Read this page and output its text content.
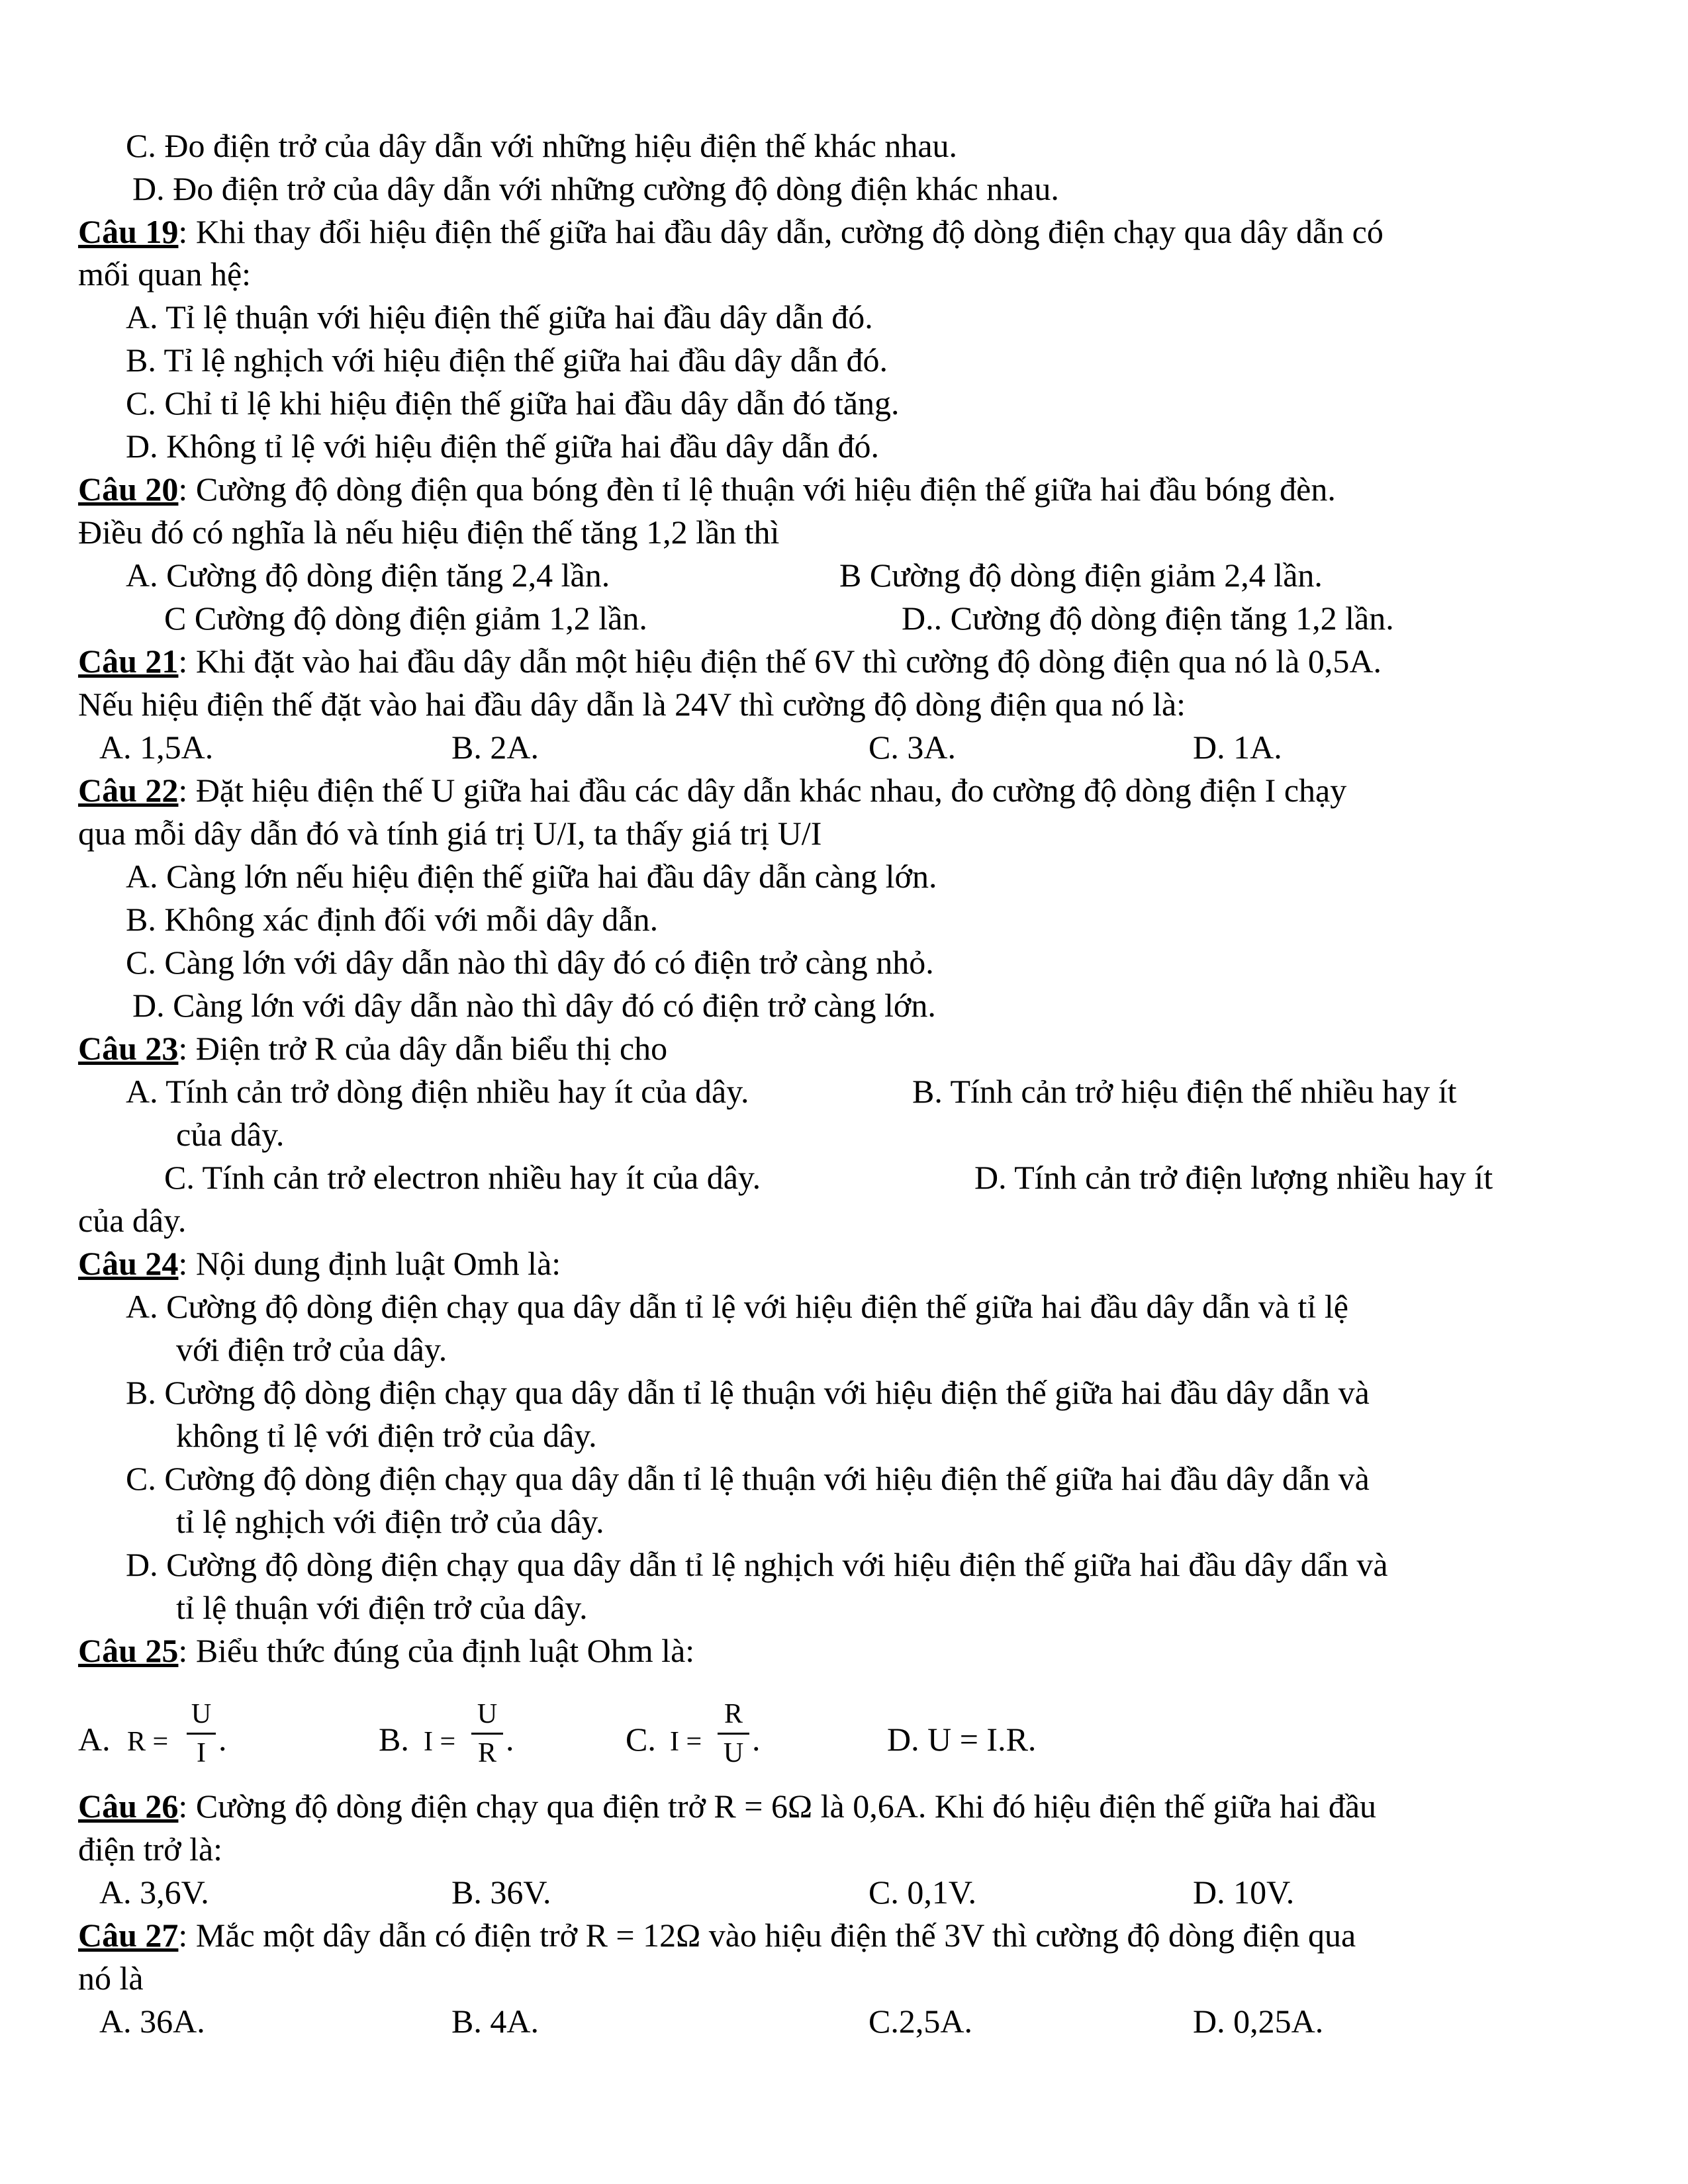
C. Đo điện trở của dây dẫn với những hiệu điện thế khác nhau.
D. Đo điện trở của dây dẫn với những cường độ dòng điện khác nhau.
Câu 19: Khi thay đổi hiệu điện thế giữa hai đầu dây dẫn, cường độ dòng điện chạy qua dây dẫn có
mối quan hệ:
A. Tỉ lệ thuận với hiệu điện thế giữa hai đầu dây dẫn đó.
B. Tỉ lệ nghịch với hiệu điện thế giữa hai đầu dây dẫn đó.
C. Chỉ tỉ lệ khi hiệu điện thế giữa hai đầu dây dẫn đó tăng.
D. Không tỉ lệ với hiệu điện thế giữa hai đầu dây dẫn đó.
Câu 20: Cường độ dòng điện qua bóng đèn tỉ lệ thuận với hiệu điện thế giữa hai đầu bóng đèn.
Điều đó có nghĩa là nếu hiệu điện thế tăng 1,2 lần thì
A. Cường độ dòng điện tăng 2,4 lần.	B Cường độ dòng điện giảm 2,4 lần.
C Cường độ dòng điện giảm 1,2 lần.	D.. Cường độ dòng điện tăng 1,2 lần.
Câu 21: Khi đặt vào hai đầu dây dẫn một hiệu điện thế 6V thì cường độ dòng điện qua nó là 0,5A.
Nếu hiệu điện thế đặt vào hai đầu dây dẫn là 24V thì cường độ dòng điện qua nó là:
A. 1,5A.	B. 2A.	C. 3A.	D. 1A.
Câu 22: Đặt hiệu điện thế U giữa hai đầu các dây dẫn khác nhau, đo cường độ dòng điện I chạy
qua mỗi dây dẫn đó và tính giá trị U/I, ta thấy giá trị U/I
A. Càng lớn nếu hiệu điện thế giữa hai đầu dây dẫn càng lớn.
B. Không xác định đối với mỗi dây dẫn.
C. Càng lớn với dây dẫn nào thì dây đó có điện trở càng nhỏ.
D. Càng lớn với dây dẫn nào thì dây đó có điện trở càng lớn.
Câu 23: Điện trở R của dây dẫn biểu thị cho
A. Tính cản trở dòng điện nhiều hay ít của dây.	B. Tính cản trở hiệu điện thế nhiều hay ít
của dây.
C. Tính cản trở electron nhiều hay ít của dây.	D. Tính cản trở điện lượng nhiều hay ít
của dây.
Câu 24: Nội dung định luật Omh là:
A. Cường độ dòng điện chạy qua dây dẫn tỉ lệ với hiệu điện thế giữa hai đầu dây dẫn và tỉ lệ
với điện trở của dây.
B. Cường độ dòng điện chạy qua dây dẫn tỉ lệ thuận với hiệu điện thế giữa hai đầu dây dẫn và
không tỉ lệ với điện trở của dây.
C. Cường độ dòng điện chạy qua dây dẫn tỉ lệ thuận với hiệu điện thế giữa hai đầu dây dẫn và
tỉ lệ nghịch với điện trở của dây.
D. Cường độ dòng điện chạy qua dây dẫn tỉ lệ nghịch với hiệu điện thế giữa hai đầu dây dẩn và
tỉ lệ thuận với điện trở của dây.
Câu 25: Biểu thức đúng của định luật Ohm là:
A. R =
U
I .	B. I =
U
R .	C. I =
R
U .	D. U = I.R.
Câu 26: Cường độ dòng điện chạy qua điện trở R = 6Ω là 0,6A. Khi đó hiệu điện thế giữa hai đầu
điện trở là:
A. 3,6V.	B. 36V.	C. 0,1V.	D. 10V.
Câu 27: Mắc một dây dẫn có điện trở R = 12Ω vào hiệu điện thế 3V thì cường độ dòng điện qua
nó là
A. 36A.	B. 4A.	C.2,5A.	D. 0,25A.
